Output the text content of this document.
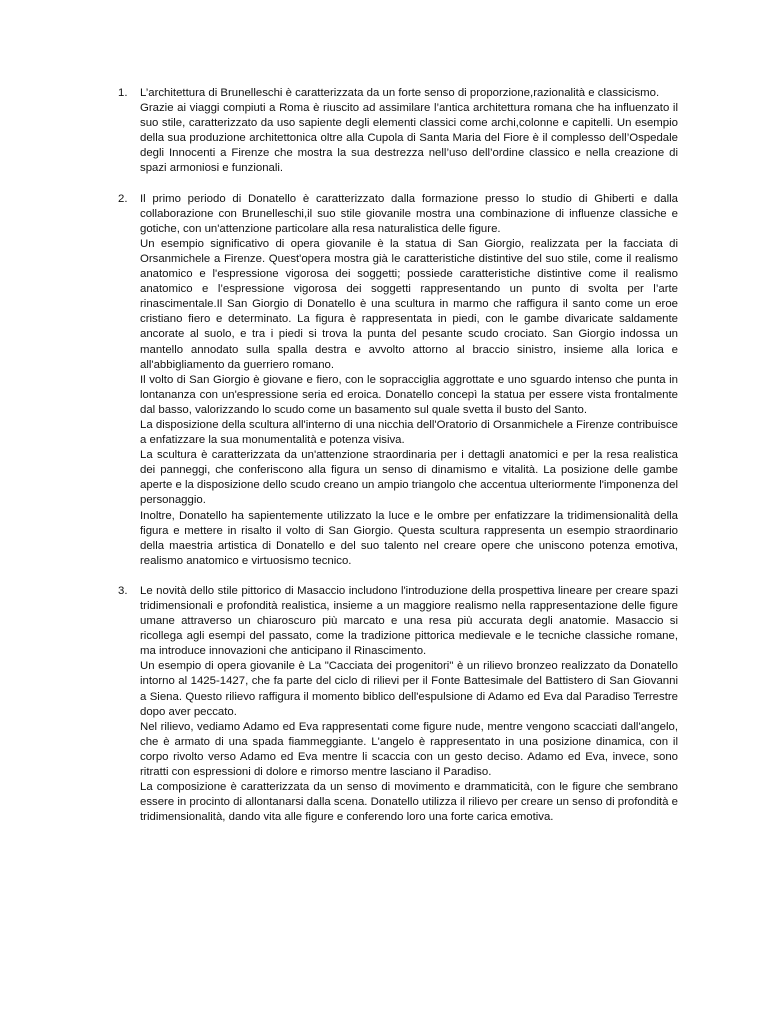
1. L’architettura di Brunelleschi è caratterizzata da un forte senso di proporzione,razionalità e classicismo.
Grazie ai viaggi compiuti a Roma è riuscito ad assimilare l’antica architettura romana che ha influenzato il suo stile, caratterizzato da uso sapiente degli elementi classici come archi,colonne e capitelli. Un esempio della sua produzione architettonica oltre alla Cupola di Santa Maria del Fiore è il complesso dell’Ospedale degli Innocenti a Firenze che mostra la sua destrezza nell’uso dell’ordine classico e nella creazione di spazi armoniosi e funzionali.

2. Il primo periodo di Donatello è caratterizzato dalla formazione presso lo studio di Ghiberti e dalla collaborazione con Brunelleschi,il suo stile giovanile mostra una combinazione di influenze classiche e gotiche, con un'attenzione particolare alla resa naturalistica delle figure.

Un esempio significativo di opera giovanile è la statua di San Giorgio, realizzata per la facciata di Orsanmichele a Firenze. Quest'opera mostra già le caratteristiche distintive del suo stile, come il realismo anatomico e l'espressione vigorosa dei soggetti; possiede caratteristiche distintive come il realismo anatomico e l’espressione vigorosa dei soggetti rappresentando un punto di svolta per l’arte rinascimentale.Il San Giorgio di Donatello è una scultura in marmo che raffigura il santo come un eroe cristiano fiero e determinato. La figura è rappresentata in piedi, con le gambe divaricate saldamente ancorate al suolo, e tra i piedi si trova la punta del pesante scudo crociato. San Giorgio indossa un mantello annodato sulla spalla destra e avvolto attorno al braccio sinistro, insieme alla lorica e all'abbigliamento da guerriero romano.

Il volto di San Giorgio è giovane e fiero, con le sopracciglia aggrottate e uno sguardo intenso che punta in lontananza con un'espressione seria ed eroica. Donatello concepì la statua per essere vista frontalmente dal basso, valorizzando lo scudo come un basamento sul quale svetta il busto del Santo.

La disposizione della scultura all'interno di una nicchia dell'Oratorio di Orsanmichele a Firenze contribuisce a enfatizzare la sua monumentalità e potenza visiva.

La scultura è caratterizzata da un'attenzione straordinaria per i dettagli anatomici e per la resa realistica dei panneggi, che conferiscono alla figura un senso di dinamismo e vitalità. La posizione delle gambe aperte e la disposizione dello scudo creano un ampio triangolo che accentua ulteriormente l'imponenza del personaggio.

Inoltre, Donatello ha sapientemente utilizzato la luce e le ombre per enfatizzare la tridimensionalità della figura e mettere in risalto il volto di San Giorgio. Questa scultura rappresenta un esempio straordinario della maestria artistica di Donatello e del suo talento nel creare opere che uniscono potenza emotiva, realismo anatomico e virtuosismo tecnico.

3. Le novità dello stile pittorico di Masaccio includono l'introduzione della prospettiva lineare per creare spazi tridimensionali e profondità realistica, insieme a un maggiore realismo nella rappresentazione delle figure umane attraverso un chiaroscuro più marcato e una resa più accurata degli anatomie. Masaccio si ricollega agli esempi del passato, come la tradizione pittorica medievale e le tecniche classiche romane, ma introduce innovazioni che anticipano il Rinascimento.

Un esempio di opera giovanile è La "Cacciata dei progenitori" è un rilievo bronzeo realizzato da Donatello intorno al 1425-1427, che fa parte del ciclo di rilievi per il Fonte Battesimale del Battistero di San Giovanni a Siena. Questo rilievo raffigura il momento biblico dell'espulsione di Adamo ed Eva dal Paradiso Terrestre dopo aver peccato.

Nel rilievo, vediamo Adamo ed Eva rappresentati come figure nude, mentre vengono scacciati dall'angelo, che è armato di una spada fiammeggiante. L'angelo è rappresentato in una posizione dinamica, con il corpo rivolto verso Adamo ed Eva mentre li scaccia con un gesto deciso. Adamo ed Eva, invece, sono ritratti con espressioni di dolore e rimorso mentre lasciano il Paradiso.

La composizione è caratterizzata da un senso di movimento e drammaticità, con le figure che sembrano essere in procinto di allontanarsi dalla scena. Donatello utilizza il rilievo per creare un senso di profondità e tridimensionalità, dando vita alle figure e conferendo loro una forte carica emotiva.
